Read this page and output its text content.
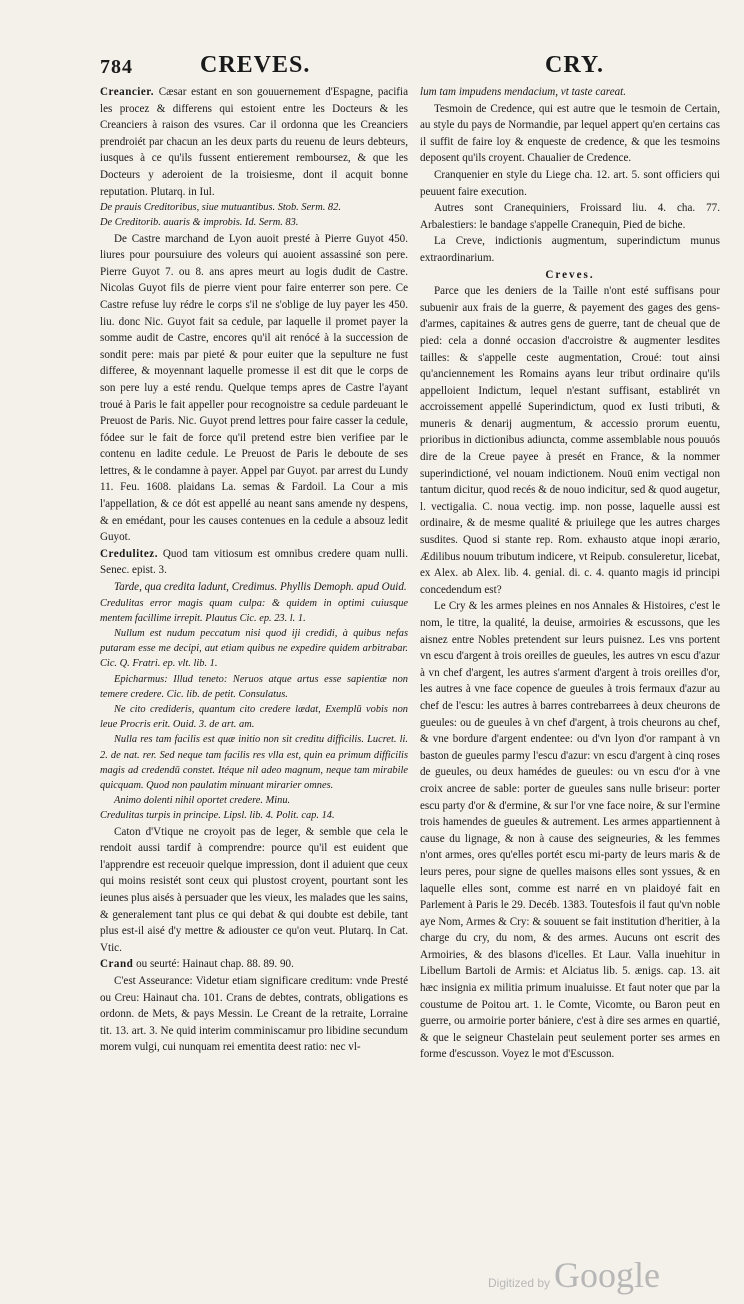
784	CREVES.	CRY.

Creancier. Cæsar estant en son gouuernement d'Espagne, pacifia les procez & differens qui estoient entre les Docteurs & les Creanciers à raison des vsures. Car il ordonna que les Creanciers prendroiét par chacun an les deux parts du reuenu de leurs debteurs, iusques à ce qu'ils fussent entierement remboursez, & que les Docteurs y aderoient de la troisiesme, dont il acquit bonne reputation. Plutarq. in Iul.

De prauis Creditoribus, siue mutuantibus. Stob. Serm. 82.

De Creditorib. auaris & improbis. Id. Serm. 83.

De Castre marchand de Lyon auoit presté à Pierre Guyot 450. liures pour poursuiure des voleurs qui auoient assassiné son pere. Pierre Guyot 7. ou 8. ans apres meurt au logis dudit de Castre. Nicolas Guyot fils de pierre vient pour faire enterrer son pere. Ce Castre refuse luy rédre le corps s'il ne s'oblige de luy payer les 450. liu. donc Nic. Guyot fait sa cedule, par laquelle il promet payer la somme audit de Castre, encores qu'il ait renócé à la succession de sondit pere: mais par pieté & pour euiter que la sepulture ne fust differee, & moyennant laquelle promesse il est dit que le corps de son pere luy a esté rendu. Quelque temps apres de Castre l'ayant troué à Paris le fait appeller pour recognoistre sa cedule pardeuant le Preuost de Paris. Nic. Guyot prend lettres pour faire casser la cedule, fódee sur le fait de force qu'il pretend estre bien verifiee par le contenu en ladite cedule. Le Preuost de Paris le deboute de ses lettres, & le condamne à payer. Appel par Guyot. par arrest du Lundy 11. Feu. 1608. plaidans La. semas & Fardoil. La Cour a mis l'appellation, & ce dót est appellé au neant sans amende ny despens, & en emédant, pour les causes contenues en la cedule a absouz ledit Guyot.

Credulitez. Quod tam vitiosum est omnibus credere quam nulli. Senec. epist. 3.

Tarde, qua credita ladunt, Credimus. Phyllis Demoph. apud Ouid.

Credulitas error magis quam culpa: & quidem in optimi cuiusque mentem facillime irrepit. Plautus Cic. ep. 23. l. 1.

Nullum est nudum peccatum nisi quod iji credidi, à quibus nefas putaram esse me decipi, aut etiam quibus ne expedire quidem arbitrabar. Cic. Q. Fratri. ep. vlt. lib. 1.

Epicharmus: Illud teneto: Neruos atque artus esse sapientiæ non temere credere. Cic. lib. de petit. Consulatus.

Ne cito credideris, quantum cito credere lædat, Exemplū vobis non leue Procris erit. Ouid. 3. de art. am.

Nulla res tam facilis est quæ initio non sit creditu difficilis. Lucret. li. 2. de nat. rer. Sed neque tam facilis res vlla est, quin ea primum difficilis magis ad credendū constet. Itéque nil adeo magnum, neque tam mirabile quicquam. Quod non paulatim minuant mirarier omnes.

Animo dolenti nihil oportet credere. Minu.

Credulitas turpis in principe. Lipsl. lib. 4. Polit. cap. 14.

Caton d'Vtique ne croyoit pas de leger, & semble que cela le rendoit aussi tardif à comprendre: pource qu'il est euident que l'apprendre est receuoir quelque impression, dont il aduient que ceux qui moins resistét sont ceux qui plustost croyent, pourtant sont les ieunes plus aisés à persuader que les vieux, les malades que les sains, & generalement tant plus ce qui debat & qui doubte est debile, tant plus est-il aisé d'y mettre & adiouster ce qu'on veut. Plutarq. In Cat. Vtic.

Crand ou seurté: Hainaut chap. 88. 89. 90.

C'est Asseurance: Videtur etiam significare creditum: vnde Presté ou Creu: Hainaut cha. 101. Crans de debtes, contrats, obligations es ordonn. de Mets, & pays Messin. Le Creant de la retraite, Lorraine tit. 13. art. 3. Ne quid interim comminiscamur pro libidine secundum morem vulgi, cui nunquam rei ementita deest ratio: nec vl-

lum tam impudens mendacium, vt taste careat.

Tesmoin de Credence, qui est autre que le tesmoin de Certain, au style du pays de Normandie, par lequel appert qu'en certains cas il suffit de faire loy & enqueste de credence, & que les tesmoins deposent qu'ils croyent. Chaualier de Credence.

Cranquenier en style du Liege cha. 12. art. 5. sont officiers qui peuuent faire execution.

Autres sont Cranequiniers, Froissard liu. 4. cha. 77. Arbalestiers: le bandage s'appelle Cranequin, Pied de biche.

La Creve, indictionis augmentum, superindictum munus extraordinarium.

Creves.

Parce que les deniers de la Taille n'ont esté suffisans pour subuenir aux frais de la guerre, & payement des gages des gens-d'armes, capitaines & autres gens de guerre, tant de cheual que de pied: cela a donné occasion d'accroistre & augmenter lesdites tailles: & s'appelle ceste augmentation, Croué: tout ainsi qu'anciennement les Romains ayans leur tribut ordinaire qu'ils appelloient Indictum, lequel n'estant suffisant, establirét vn accroissement appellé Superindictum, quod ex Iusti tributi, & muneris & denarij augmentum, & accessio prorum euentu, prioribus in dictionibus adiuncta, comme assemblable nous pouuós dire de la Creue payee à presét en France, & la nommer superindictioné, vel nouam indictionem. Nouū enim vectigal non tantum dicitur, quod recés & de nouo indicitur, sed & quod augetur, l. vectigalia. C. noua vectig. imp. non posse, laquelle aussi est ordinaire, & de mesme qualité & priuilege que les autres charges susdites. Quod si stante rep. Rom. exhausto atque inopi ærario, Ædilibus nouum tributum indicere, vt Reipub. consuleretur, licebat, ex Alex. ab Alex. lib. 4. genial. di. c. 4. quanto magis id principi concedendum est?

Le Cry & les armes pleines en nos Annales & Histoires, c'est le nom, le titre, la qualité, la deuise, armoiries & escussons, que les aisnez entre Nobles pretendent sur leurs puisnez. Les vns portent vn escu d'argent à trois oreilles de gueules, les autres vn escu d'azur à vn chef d'argent, les autres s'arment d'argent à trois oreilles d'or, les autres à vne face copence de gueules à trois fermaux d'azur au chef de l'escu: les autres à barres contrebarrees à deux cheurons de gueules: ou de gueules à vn chef d'argent, à trois cheurons au chef, & vne bordure d'argent endentee: ou d'vn lyon d'or rampant à vn baston de gueules parmy l'escu d'azur: vn escu d'argent à cinq roses de gueules, ou deux hamédes de gueules: ou vn escu d'or à vne croix ancree de sable: porter de gueules sans nulle briseur: porter escu party d'or & d'ermine, & sur l'or vne face noire, & sur l'ermine trois hamendes de gueules & autrement. Les armes appartiennent à cause du lignage, & non à cause des seigneuries, & les femmes n'ont armes, ores qu'elles portét escu mi-party de leurs maris & de leurs peres, pour signe de quelles maisons elles sont yssues, & en laquelle elles sont, comme est narré en vn plaidoyé fait en Parlement à Paris le 29. Decéb. 1383. Toutesfois il faut qu'vn noble aye Nom, Armes & Cry: & souuent se fait institution d'heritier, à la charge du cry, du nom, & des armes. Aucuns ont escrit des Armoiries, & des blasons d'icelles. Et Laur. Valla inuehitur in Libellum Bartoli de Armis: et Alciatus lib. 5. ænigs. cap. 13. ait hæc insignia ex militia primum inualuisse. Et faut noter que par la coustume de Poitou art. 1. le Comte, Vicomte, ou Baron peut en guerre, ou armoirie porter bániere, c'est à dire ses armes en quartié, & que le seigneur Chastelain peut seulement porter ses armes en forme d'escusson. Voyez le mot d'Escusson.

Digitized by Google
